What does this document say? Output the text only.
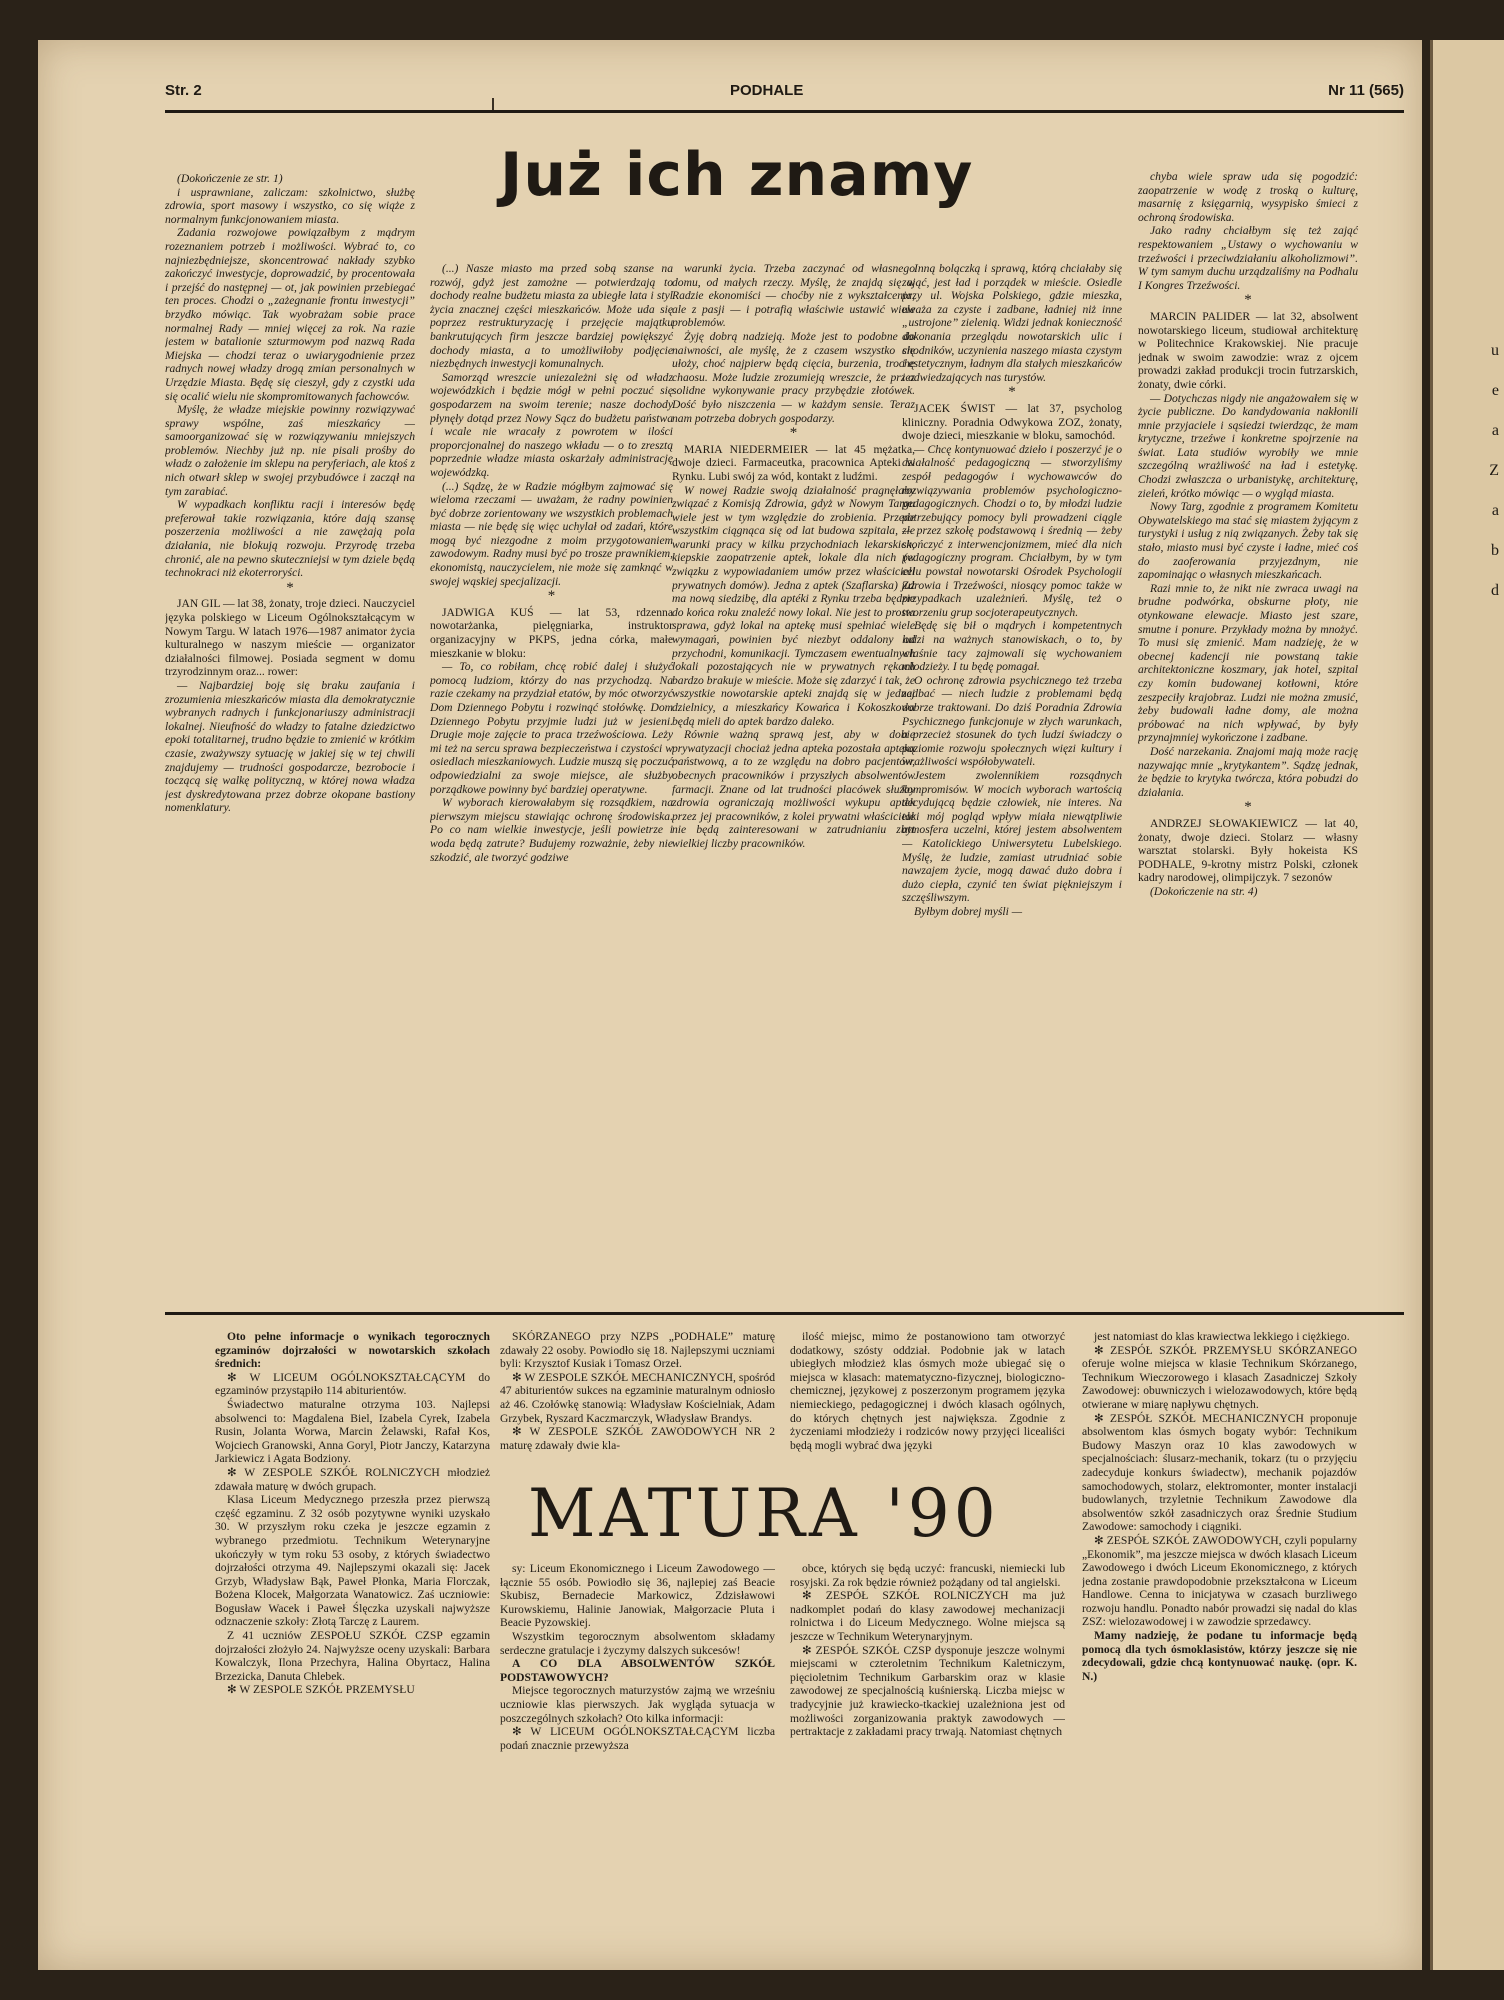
u
e
a
Z
a
b
d
Str. 2	PODHALE	Nr 11 (565)
Już ich znamy

(Dokończenie ze str. 1)

i usprawniane, zaliczam: szkolnictwo, służbę zdrowia, sport masowy i wszystko, co się wiąże z normalnym funkcjonowaniem miasta.

Zadania rozwojowe powiązałbym z mądrym rozeznaniem potrzeb i możliwości. Wybrać to, co najniezbędniejsze, skoncentrować nakłady szybko zakończyć inwestycje, doprowadzić, by procentowała i przejść do następnej — ot, jak powinien przebiegać ten proces. Chodzi o „zażegnanie frontu inwestycji” brzydko mówiąc. Tak wyobrażam sobie prace normalnej Rady — mniej więcej za rok. Na razie jestem w batalionie szturmowym pod nazwą Rada Miejska — chodzi teraz o uwiarygodnienie przez radnych nowej władzy drogą zmian personalnych w Urzędzie Miasta. Będę się cieszył, gdy z czystki uda się ocalić wielu nie skompromitowanych fachowców.

Myślę, że władze miejskie powinny rozwiązywać sprawy wspólne, zaś mieszkańcy — samoorganizować się w rozwiązywaniu mniejszych problemów. Niechby już np. nie pisali prośby do władz o założenie im sklepu na peryferiach, ale ktoś z nich otwarł sklep w swojej przybudówce i zaczął na tym zarabiać.

W wypadkach konfliktu racji i interesów będę preferował takie rozwiązania, które dają szansę poszerzenia możliwości a nie zawężają pola działania, nie blokują rozwoju. Przyrodę trzeba chronić, ale na pewno skuteczniejsi w tym dziele będą technokraci niż ekoterroryści.

*

JAN GIL — lat 38, żonaty, troje dzieci. Nauczyciel języka polskiego w Liceum Ogólnokształcącym w Nowym Targu. W latach 1976—1987 animator życia kulturalnego w naszym mieście — organizator działalności filmowej. Posiada segment w domu trzyrodzinnym oraz... rower:

— Najbardziej boję się braku zaufania i zrozumienia mieszkańców miasta dla demokratycznie wybranych radnych i funkcjonariuszy administracji lokalnej. Nieufność do władzy to fatalne dziedzictwo epoki totalitarnej, trudno będzie to zmienić w krótkim czasie, zważywszy sytuację w jakiej się w tej chwili znajdujemy — trudności gospodarcze, bezrobocie i toczącą się walkę polityczną, w której nowa władza jest dyskredytowana przez dobrze okopane bastiony nomenklatury.

(...) Nasze miasto ma przed sobą szanse na rozwój, gdyż jest zamożne — potwierdzają to dochody realne budżetu miasta za ubiegłe lata i styl życia znacznej części mieszkańców. Może uda się poprzez restrukturyzację i przejęcie majątku bankrutujących firm jeszcze bardziej powiększyć dochody miasta, a to umożliwiłoby podjęcie niezbędnych inwestycji komunalnych.

Samorząd wreszcie uniezależni się od władz wojewódzkich i będzie mógł w pełni poczuć się gospodarzem na swoim terenie; nasze dochody płynęły dotąd przez Nowy Sącz do budżetu państwa i wcale nie wracały z powrotem w ilości proporcjonalnej do naszego wkładu — o to zresztą poprzednie władze miasta oskarżały administrację wojewódzką.

(...) Sądzę, że w Radzie mógłbym zajmować się wieloma rzeczami — uważam, że radny powinien być dobrze zorientowany we wszystkich problemach miasta — nie będę się więc uchylał od zadań, które mogą być niezgodne z moim przygotowaniem zawodowym. Radny musi być po trosze prawnikiem, ekonomistą, nauczycielem, nie może się zamknąć w swojej wąskiej specjalizacji.

*

JADWIGA KUŚ — lat 53, rdzenna nowotarżanka, pielęgniarka, instruktor organizacyjny w PKPS, jedna córka, małe mieszkanie w bloku:

— To, co robiłam, chcę robić dalej i służyć pomocą ludziom, którzy do nas przychodzą. Na razie czekamy na przydział etatów, by móc otworzyć Dom Dziennego Pobytu i rozwinąć stołówkę. Dom Dziennego Pobytu przyjmie ludzi już w jesieni. Drugie moje zajęcie to praca trzeźwościowa. Leży mi też na sercu sprawa bezpieczeństwa i czystości w osiedlach mieszkaniowych. Ludzie muszą się poczuć odpowiedzialni za swoje miejsce, ale służby porządkowe powinny być bardziej operatywne.

W wyborach kierowałabym się rozsądkiem, na pierwszym miejscu stawiając ochronę środowiska. Po co nam wielkie inwestycje, jeśli powietrze i woda będą zatrute? Budujemy rozważnie, żeby nie szkodzić, ale tworzyć godziwe

warunki życia. Trzeba zaczynać od własnego domu, od małych rzeczy. Myślę, że znajdą się w Radzie ekonomiści — choćby nie z wykształcenia, ale z pasji — i potrafią właściwie ustawić wiele problemów.

Żyję dobrą nadzieją. Może jest to podobne do naiwności, ale myślę, że z czasem wszystko się ułoży, choć najpierw będą cięcia, burzenia, trochę chaosu. Może ludzie zrozumieją wreszcie, że przez solidne wykonywanie pracy przybędzie złotówek. Dość było niszczenia — w każdym sensie. Teraz nam potrzeba dobrych gospodarzy.

*

MARIA NIEDERMEIER — lat 45 mężatka, dwoje dzieci. Farmaceutka, pracownica Apteki w Rynku. Lubi swój za wód, kontakt z ludźmi.

W nowej Radzie swoją działalność pragnęłaby związać z Komisją Zdrowia, gdyż w Nowym Targu wiele jest w tym względzie do zrobienia. Przede wszystkim ciągnąca się od lat budowa szpitala, złe warunki pracy w kilku przychodniach lekarskich, kiepskie zaopatrzenie aptek, lokale dla nich (w związku z wypowiadaniem umów przez właścicieli prywatnych domów). Jedna z aptek (Szaflarska) już ma nową siedzibę, dla aptéki z Rynku trzeba będzie do końca roku znaleźć nowy lokal. Nie jest to prosta sprawa, gdyż lokal na aptekę musi spełniać wiele wymagań, powinien być niezbyt oddalony od przychodni, komunikacji. Tymczasem ewentualnych lokali pozostających nie w prywatnych rękach bardzo brakuje w mieście. Może się zdarzyć i tak, że wszystkie nowotarskie apteki znajdą się w jednej dzielnicy, a mieszkańcy Kowańca i Kokoszkowa będą mieli do aptek bardzo daleko.

Równie ważną sprawą jest, aby w dobie prywatyzacji chociaż jedna apteka pozostała apteką państwową, a to ze względu na dobro pacjentów, obecnych pracowników i przyszłych absolwentów farmacji. Znane od lat trudności placówek służby zdrowia ograniczają możliwości wykupu aptek przez jej pracowników, z kolei prywatni właściciele nie będą zainteresowani w zatrudnianiu zbyt wielkiej liczby pracowników.

Inną bolączką i sprawą, którą chciałaby się zająć, jest ład i porządek w mieście. Osiedle przy ul. Wojska Polskiego, gdzie mieszka, uważa za czyste i zadbane, ładniej niż inne „ustrojone” zielenią. Widzi jednak konieczność dokonania przeglądu nowotarskich ulic i chodników, uczynienia naszego miasta czystym i estetycznym, ładnym dla stałych mieszkańców i odwiedzających nas turystów.

*

JACEK ŚWIST — lat 37, psycholog kliniczny. Poradnia Odwykowa ZOZ, żonaty, dwoje dzieci, mieszkanie w bloku, samochód.

— Chcę kontynuować dzieło i poszerzyć je o działalność pedagogiczną — stworzyliśmy zespół pedagogów i wychowawców do rozwiązywania problemów psychologiczno-pedagogicznych. Chodzi o to, by młodzi ludzie potrzebujący pomocy byli prowadzeni ciągle — przez szkołę podstawową i średnią — żeby skończyć z interwencjonizmem, mieć dla nich pedagogiczny program. Chciałbym, by w tym celu powstał nowotarski Ośrodek Psychologii Zdrowia i Trzeźwości, niosący pomoc także w przypadkach uzależnień. Myślę, też o tworzeniu grup socjoterapeutycznych.

Będę się bił o mądrych i kompetentnych ludzi na ważnych stanowiskach, o to, by właśnie tacy zajmowali się wychowaniem młodzieży. I tu będę pomagał.

O ochronę zdrowia psychicznego też trzeba zadbać — niech ludzie z problemami będą dobrze traktowani. Do dziś Poradnia Zdrowia Psychicznego funkcjonuje w złych warunkach, a przecież stosunek do tych ludzi świadczy o poziomie rozwoju społecznych więzi kultury i wrażliwości współobywateli.

Jestem zwolennikiem rozsądnych kompromisów. W mocich wyborach wartością decydującą będzie człowiek, nie interes. Na taki mój pogląd wpływ miała niewątpliwie atmosfera uczelni, której jestem absolwentem — Katolickiego Uniwersytetu Lubelskiego. Myślę, że ludzie, zamiast utrudniać sobie nawzajem życie, mogą dawać dużo dobra i dużo ciepła, czynić ten świat piękniejszym i szczęśliwszym.

Byłbym dobrej myśli —

chyba wiele spraw uda się pogodzić: zaopatrzenie w wodę z troską o kulturę, masarnię z księgarnią, wysypisko śmieci z ochroną środowiska.

Jako radny chciałbym się też zająć respektowaniem „Ustawy o wychowaniu w trzeźwości i przeciwdziałaniu alkoholizmowi”. W tym samym duchu urządzaliśmy na Podhalu I Kongres Trzeźwości.

*

MARCIN PALIDER — lat 32, absolwent nowotarskiego liceum, studiował architekturę w Politechnice Krakowskiej. Nie pracuje jednak w swoim zawodzie: wraz z ojcem prowadzi zakład produkcji trocin futrzarskich, żonaty, dwie córki.

— Dotychczas nigdy nie angażowałem się w życie publiczne. Do kandydowania nakłonili mnie przyjaciele i sąsiedzi twierdząc, że mam krytyczne, trzeźwe i konkretne spojrzenie na świat. Lata studiów wyrobiły we mnie szczególną wrażliwość na ład i estetykę. Chodzi zwłaszcza o urbanistykę, architekturę, zieleń, krótko mówiąc — o wygląd miasta.

Nowy Targ, zgodnie z programem Komitetu Obywatelskiego ma stać się miastem żyjącym z turystyki i usług z nią związanych. Żeby tak się stało, miasto musi być czyste i ładne, mieć coś do zaoferowania przyjezdnym, nie zapominając o własnych mieszkańcach.

Razi mnie to, że nikt nie zwraca uwagi na brudne podwórka, obskurne płoty, nie otynkowane elewacje. Miasto jest szare, smutne i ponure. Przykłady można by mnożyć. To musi się zmienić. Mam nadzieję, że w obecnej kadencji nie powstaną takie architektoniczne koszmary, jak hotel, szpital czy komin budowanej kotłowni, które zeszpeciły krajobraz. Ludzi nie można zmusić, żeby budowali ładne domy, ale można próbować na nich wpływać, by były przynajmniej wykończone i zadbane.

Dość narzekania. Znajomi mają może rację nazywając mnie „krytykantem”. Sądzę jednak, że będzie to krytyka twórcza, która pobudzi do działania.

*

ANDRZEJ SŁOWAKIEWICZ — lat 40, żonaty, dwoje dzieci. Stolarz — własny warsztat stolarski. Były hokeista KS PODHALE, 9-krotny mistrz Polski, członek kadry narodowej, olimpijczyk. 7 sezonów

(Dokończenie na str. 4)

MATURA '90

Oto pełne informacje o wynikach tegorocznych egzaminów dojrzałości w nowotarskich szkołach średnich:

✻ W LICEUM OGÓLNOKSZTAŁCĄCYM do egzaminów przystąpiło 114 abiturientów.

Świadectwo maturalne otrzyma 103. Najlepsi absolwenci to: Magdalena Biel, Izabela Cyrek, Izabela Rusin, Jolanta Worwa, Marcin Żelawski, Rafał Kos, Wojciech Granowski, Anna Goryl, Piotr Janczy, Katarzyna Jarkiewicz i Agata Bodziony.

✻ W ZESPOLE SZKÓŁ ROLNICZYCH młodzież zdawała maturę w dwóch grupach.

Klasa Liceum Medycznego przeszła przez pierwszą część egzaminu. Z 32 osób pozytywne wyniki uzyskało 30. W przyszłym roku czeka je jeszcze egzamin z wybranego przedmiotu. Technikum Weterynaryjne ukończyły w tym roku 53 osoby, z których świadectwo dojrzałości otrzyma 49. Najlepszymi okazali się: Jacek Grzyb, Władysław Bąk, Paweł Płonka, Maria Florczak, Bożena Klocek, Małgorzata Wanatowicz. Zaś uczniowie: Bogusław Wacek i Paweł Ślęczka uzyskali najwyższe odznaczenie szkoły: Złotą Tarczę z Laurem.

Z 41 uczniów ZESPOŁU SZKÓŁ CZSP egzamin dojrzałości złożyło 24. Najwyższe oceny uzyskali: Barbara Kowalczyk, Ilona Przechyra, Halina Obyrtacz, Halina Brzezicka, Danuta Chlebek.

✻ W ZESPOLE SZKÓŁ PRZEMYSŁU

SKÓRZANEGO przy NZPS „PODHALE” maturę zdawały 22 osoby. Powiodło się 18. Najlepszymi uczniami byli: Krzysztof Kusiak i Tomasz Orzeł.

✻ W ZESPOLE SZKÓŁ MECHANICZNYCH, spośród 47 abiturientów sukces na egzaminie maturalnym odniosło aż 46. Czołówkę stanowią: Władysław Kościelniak, Adam Grzybek, Ryszard Kaczmarczyk, Władysław Brandys.

✻ W ZESPOLE SZKÓŁ ZAWODOWYCH NR 2 maturę zdawały dwie kla-

ilość miejsc, mimo że postanowiono tam otworzyć dodatkowy, szósty oddział. Podobnie jak w latach ubiegłych młodzież klas ósmych może ubiegać się o miejsca w klasach: matematyczno-fizycznej, biologiczno-chemicznej, językowej z poszerzonym programem języka niemieckiego, pedagogicznej i dwóch klasach ogólnych, do których chętnych jest największa. Zgodnie z życzeniami młodzieży i rodziców nowy przyjęci licealiści będą mogli wybrać dwa języki

sy: Liceum Ekonomicznego i Liceum Zawodowego — łącznie 55 osób. Powiodło się 36, najlepiej zaś Beacie Skubisz, Bernadecie Markowicz, Zdzisławowi Kurowskiemu, Halinie Janowiak, Małgorzacie Pluta i Beacie Pyzowskiej.

Wszystkim tegorocznym absolwentom składamy serdeczne gratulacje i życzymy dalszych sukcesów!

A CO DLA ABSOLWENTÓW SZKÓŁ PODSTAWOWYCH?

Miejsce tegorocznych maturzystów zajmą we wrześniu uczniowie klas pierwszych. Jak wygląda sytuacja w poszczególnych szkołach? Oto kilka informacji:

✻ W LICEUM OGÓLNOKSZTAŁCĄCYM liczba podań znacznie przewyższa

obce, których się będą uczyć: francuski, niemiecki lub rosyjski. Za rok będzie również pożądany od tal angielski.

✻ ZESPÓŁ SZKÓŁ ROLNICZYCH ma już nadkomplet podań do klasy zawodowej mechanizacji rolnictwa i do Liceum Medycznego. Wolne miejsca są jeszcze w Technikum Weterynaryjnym.

✻ ZESPÓŁ SZKÓŁ CZSP dysponuje jeszcze wolnymi miejscami w czteroletnim Technikum Kaletniczym, pięcioletnim Technikum Garbarskim oraz w klasie zawodowej ze specjalnością kuśnierską. Liczba miejsc w tradycyjnie już krawiecko-tkackiej uzależniona jest od możliwości zorganizowania praktyk zawodowych — pertraktacje z zakładami pracy trwają. Natomiast chętnych

jest natomiast do klas krawiectwa lekkiego i ciężkiego.

✻ ZESPÓŁ SZKÓŁ PRZEMYSŁU SKÓRZANEGO oferuje wolne miejsca w klasie Technikum Skórzanego, Technikum Wieczorowego i klasach Zasadniczej Szkoły Zawodowej: obuwniczych i wielozawodowych, które będą otwierane w miarę napływu chętnych.

✻ ZESPÓŁ SZKÓŁ MECHANICZNYCH proponuje absolwentom klas ósmych bogaty wybór: Technikum Budowy Maszyn oraz 10 klas zawodowych w specjalnościach: ślusarz-mechanik, tokarz (tu o przyjęciu zadecyduje konkurs świadectw), mechanik pojazdów samochodowych, stolarz, elektromonter, monter instalacji budowlanych, trzyletnie Technikum Zawodowe dla absolwentów szkół zasadniczych oraz Średnie Studium Zawodowe: samochody i ciągniki.

✻ ZESPÓŁ SZKÓŁ ZAWODOWYCH, czyli popularny „Ekonomik”, ma jeszcze miejsca w dwóch klasach Liceum Zawodowego i dwóch Liceum Ekonomicznego, z których jedna zostanie prawdopodobnie przekształcona w Liceum Handlowe. Cenna to inicjatywa w czasach burzliwego rozwoju handlu. Ponadto nabór prowadzi się nadal do klas ZSZ: wielozawodowej i w zawodzie sprzedawcy.

Mamy nadzieję, że podane tu informacje będą pomocą dla tych ósmoklasistów, którzy jeszcze się nie zdecydowali, gdzie chcą kontynuować naukę. (opr. K. N.)
